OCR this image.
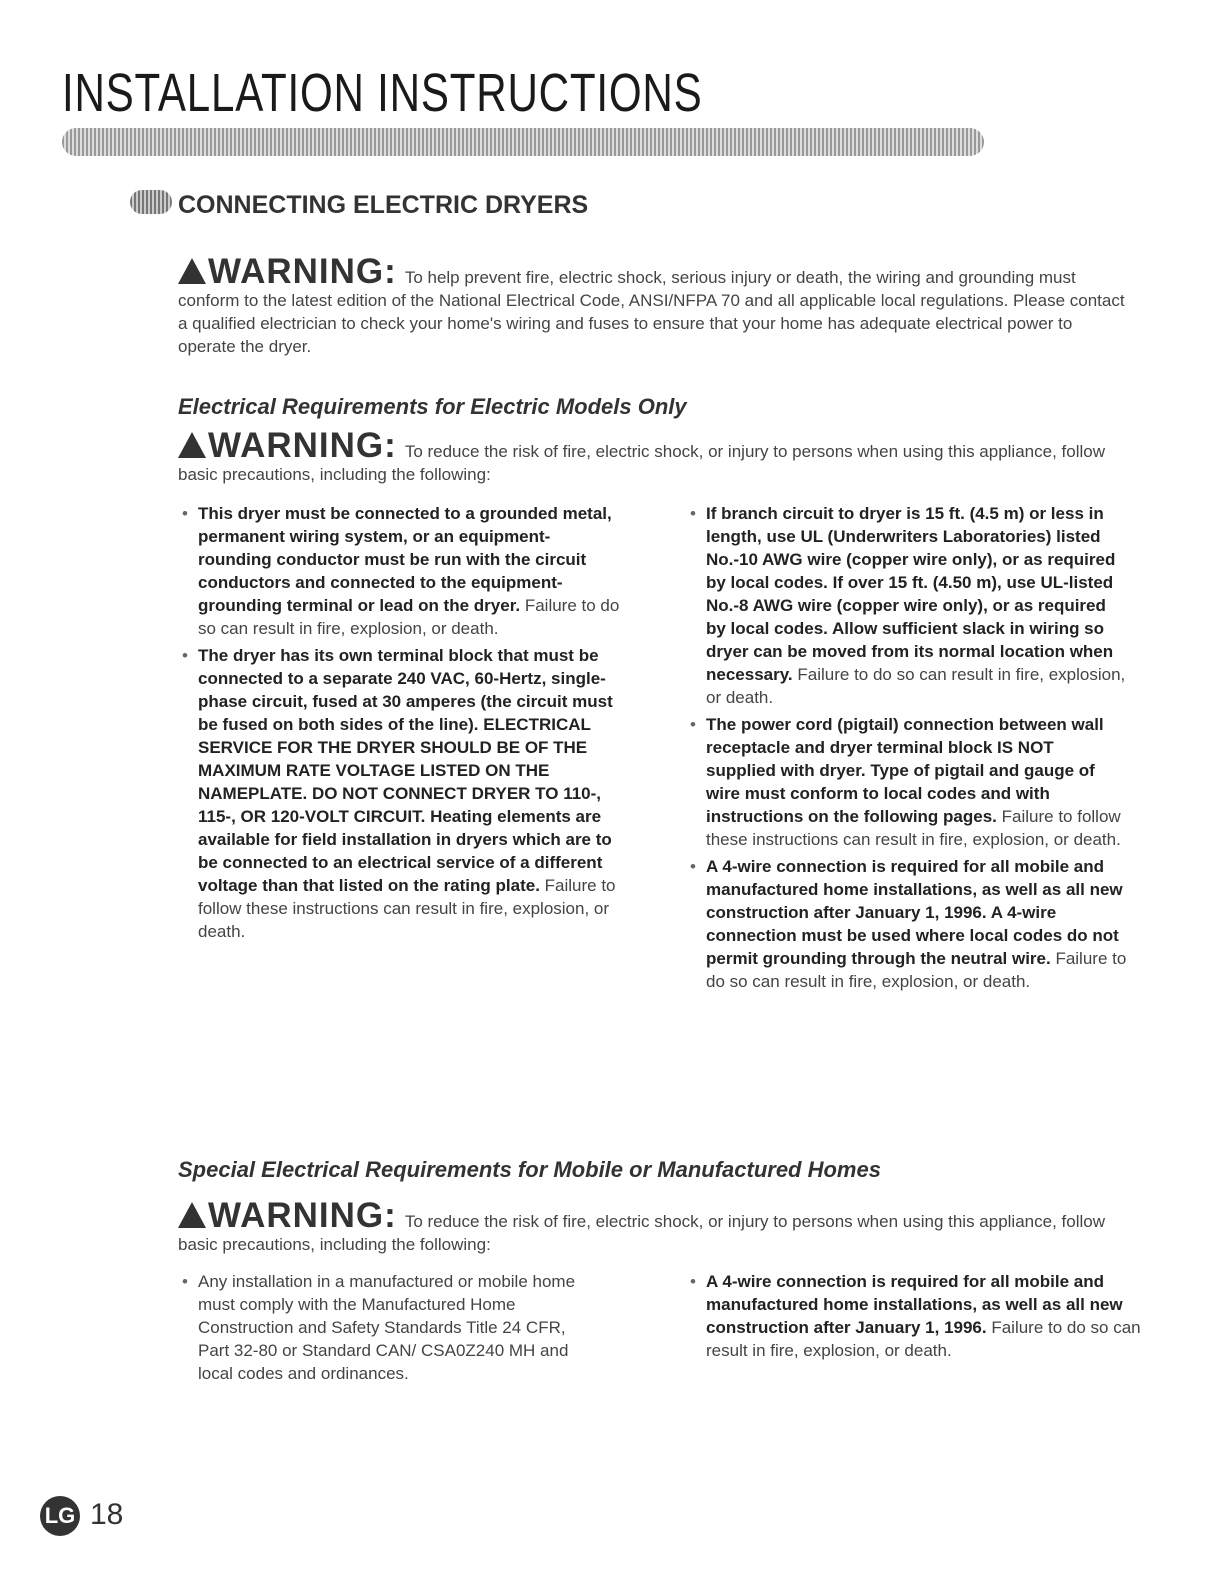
INSTALLATION INSTRUCTIONS
CONNECTING ELECTRIC DRYERS
WARNING: To help prevent fire, electric shock, serious injury or death, the wiring and grounding must conform to the latest edition of the National Electrical Code, ANSI/NFPA 70 and all applicable local regulations. Please contact a qualified electrician to check your home's wiring and fuses to ensure that your home has adequate electrical power to operate the dryer.
Electrical Requirements for Electric Models Only
WARNING: To reduce the risk of fire, electric shock, or injury to persons when using this appliance, follow basic precautions, including the following:
• This dryer must be connected to a grounded metal, permanent wiring system, or an equipment- rounding conductor must be run with the circuit conductors and connected to the equipment-grounding terminal or lead on the dryer. Failure to do so can result in fire, explosion, or death.
• The dryer has its own terminal block that must be connected to a separate 240 VAC, 60-Hertz, single-phase circuit, fused at 30 amperes (the circuit must be fused on both sides of the line). ELECTRICAL SERVICE FOR THE DRYER SHOULD BE OF THE MAXIMUM RATE VOLTAGE LISTED ON THE NAMEPLATE. DO NOT CONNECT DRYER TO 110-, 115-, OR 120-VOLT CIRCUIT. Heating elements are available for field installation in dryers which are to be connected to an electrical service of a different voltage than that listed on the rating plate. Failure to follow these instructions can result in fire, explosion, or death.
• If branch circuit to dryer is 15 ft. (4.5 m) or less in length, use UL (Underwriters Laboratories) listed No.-10 AWG wire (copper wire only), or as required by local codes. If over 15 ft. (4.50 m), use UL-listed No.-8 AWG wire (copper wire only), or as required by local codes. Allow sufficient slack in wiring so dryer can be moved from its normal location when necessary. Failure to do so can result in fire, explosion, or death.
• The power cord (pigtail) connection between wall receptacle and dryer terminal block IS NOT supplied with dryer. Type of pigtail and gauge of wire must conform to local codes and with instructions on the following pages. Failure to follow these instructions can result in fire, explosion, or death.
• A 4-wire connection is required for all mobile and manufactured home installations, as well as all new construction after January 1, 1996. A 4-wire connection must be used where local codes do not permit grounding through the neutral wire. Failure to do so can result in fire, explosion, or death.
Special Electrical Requirements for Mobile or Manufactured Homes
WARNING: To reduce the risk of fire, electric shock, or injury to persons when using this appliance, follow basic precautions, including the following:
• Any installation in a manufactured or mobile home must comply with the Manufactured Home Construction and Safety Standards Title 24 CFR, Part 32-80 or Standard CAN/ CSA0Z240 MH and local codes and ordinances.
• A 4-wire connection is required for all mobile and manufactured home installations, as well as all new construction after January 1, 1996. Failure to do so can result in fire, explosion, or death.
LG 18
